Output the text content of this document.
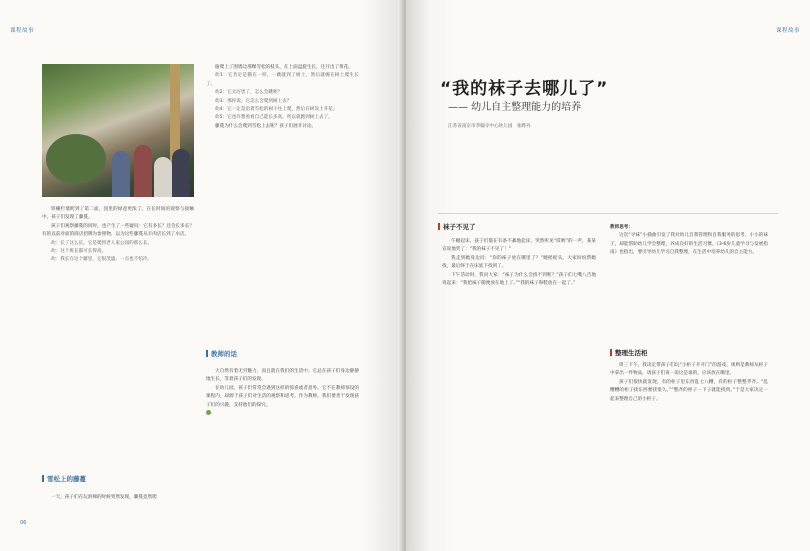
课程故事

铁栅栏墙跨到了第二面，园里的绿意更浓了。在长时间的观察与接触中，孩子们发现了藤蔓。

孩子们观察藤蔓的同时，也产生了一些疑问：它有多长？还会长多长？有的以前对面的商店招牌为参照物，以为这些藤蔓从羊肉店长到了水店。

幼：长了这么长，它是爬到老人家公园的那么长。

幼：这个班长都可长得高。

幼：我长在这个藤里，它很茂盛，一点也不怕冷。

雪松上的藤蔓

一天，孩子们在玩滑梯的时候突然发现，藤蔓竟然爬

偷爬上了围墙边那棵雪松的枝头，在上面盘旋生长，还开出了黄花。

幼1：它肯定是猫在一样，一跳就到了树上，然后就缠在树上爬生长了。

幼2：它太厉害了，怎么会跳呢？

幼3：那你说，它怎么会爬到树上去？

幼4：它一定是沿着雪松的树干往上爬，然后在树顶上开花。

幼5：它也许想看看自己能长多高，所以就跑到树上去了。

藤蔓为什么会爬到雪松上去呢？孩子们展开讨论。

教师的话

大自然有着无穷魅力，而且就在我们的生活中。它总在孩子们身边静静地生长，等着孩子们的发现。

在幼儿园，孩子们常常会遇到这样的惊喜或者意外。它不在教师预设的课程内，却源于孩子们对生活的观察和思考。作为教师，我们要善于发现孩子们的兴趣，支持他们的探究。

06
课程故事
“我的袜子去哪儿了”
—— 幼儿自主整理能力的培养
江苏省南京市李翰寺中心幼儿园　张晔丹
袜子不见了

午睡起床，孩子们都在有条不紊地起床，突然听见“哎哟”的一声，某某宣说地哭了：“我的袜子不见了！”

我走到她身边问：“你的袜子放在哪里了？”她摇摇头。大家纷纷帮她找，最后终于在床底下找到了。

下午活动时，我问大家：“袜子为什么会找不到呢？”孩子们七嘴八舌地说起来：“我把袜子随便放在地上了。”“我的袜子和鞋放在一起了。”

教师思考：

这次“寻袜”小插曲引发了我对幼儿自我管理和自我服务的思考。小小的袜子，却能帮助幼儿学会整理，养成良好的生活习惯。《3-6岁儿童学习与发展指南》也指出，要引导幼儿学习自我整理，在生活中培养幼儿的自主能力。

整理生活柜

周三下午，我决定带孩子们玩“小柜子开开门”的游戏，规则是教师从柜子中拿出一件物品，请孩子们说一说这是谁的，应该放在哪里。

孩子们很快就发现，有的柜子里东西乱七八糟，有的柜子整整齐齐。“乱糟糟的柜子找东西要找很久。”“整齐的柜子一下子就能找到。”于是大家决定一起来整理自己的小柜子。
